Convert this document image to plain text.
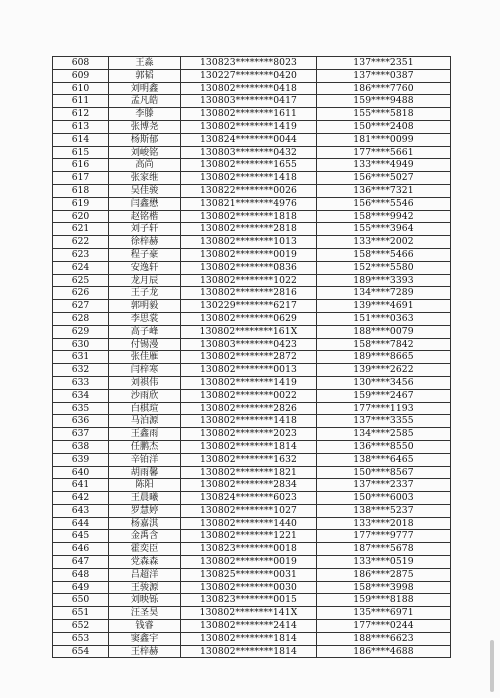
608	王淼	130823********8023	137****2351
609	郭韬	130227********0420	137****0387
610	刘明鑫	130802********0418	186****7760
611	孟凡皓	130803********0417	159****9488
612	李滕	130802********1611	155****5818
613	张博尧	130802********1419	150****2408
614	杨斯郁	130824********0044	181****0099
615	刘峻铭	130803********0432	177****5661
616	高尚	130802********1655	133****4949
617	张家维	130802********1418	156****5027
618	吴佳骏	130822********0026	136****7321
619	闫鑫懋	130821********4976	156****5546
620	赵铭楷	130802********1818	158****9942
621	刘子轩	130802********2818	155****3964
622	徐梓赫	130802********1013	133****2002
623	程子豪	130802********0019	158****5466
624	安逸轩	130802********0836	152****5580
625	龙月辰	130802********1022	189****3393
626	王子龙	130802********2816	134****7289
627	郭明毅	130229********6217	139****4691
628	李思裳	130802********0629	151****0363
629	高子峰	130802********161X	188****0079
630	付锡漫	130803********0423	158****7842
631	张佳雁	130802********2872	189****8665
632	闫梓寒	130802********0013	139****2622
633	刘祺伟	130802********1419	130****3456
634	沙雨欣	130802********0022	159****2467
635	白棋瑄	130802********2826	177****1193
636	马泊源	130802********1418	137****3355
637	王鑫雨	130802********2023	134****2585
638	任鹏杰	130802********1814	136****8550
639	辛铂洋	130802********1632	138****6465
640	胡雨馨	130802********1821	150****8567
641	陈阳	130802********2834	137****2337
642	王晨曦	130824********6023	150****6003
643	罗慧婷	130802********1027	138****5237
644	杨嘉淇	130802********1440	133****2018
645	金禹含	130802********1221	177****9777
646	霍奕臣	130823********0018	187****5678
647	党森森	130802********0019	133****0519
648	吕超洋	130825********0031	186****2875
649	王骏源	130802********0030	158****3998
650	刘映铄	130823********0015	159****8188
651	汪圣昊	130802********141X	135****6971
652	钱睿	130802********2414	177****0244
653	窦鑫宇	130802********1814	188****6623
654	王梓赫	130802********1814	186****4688
